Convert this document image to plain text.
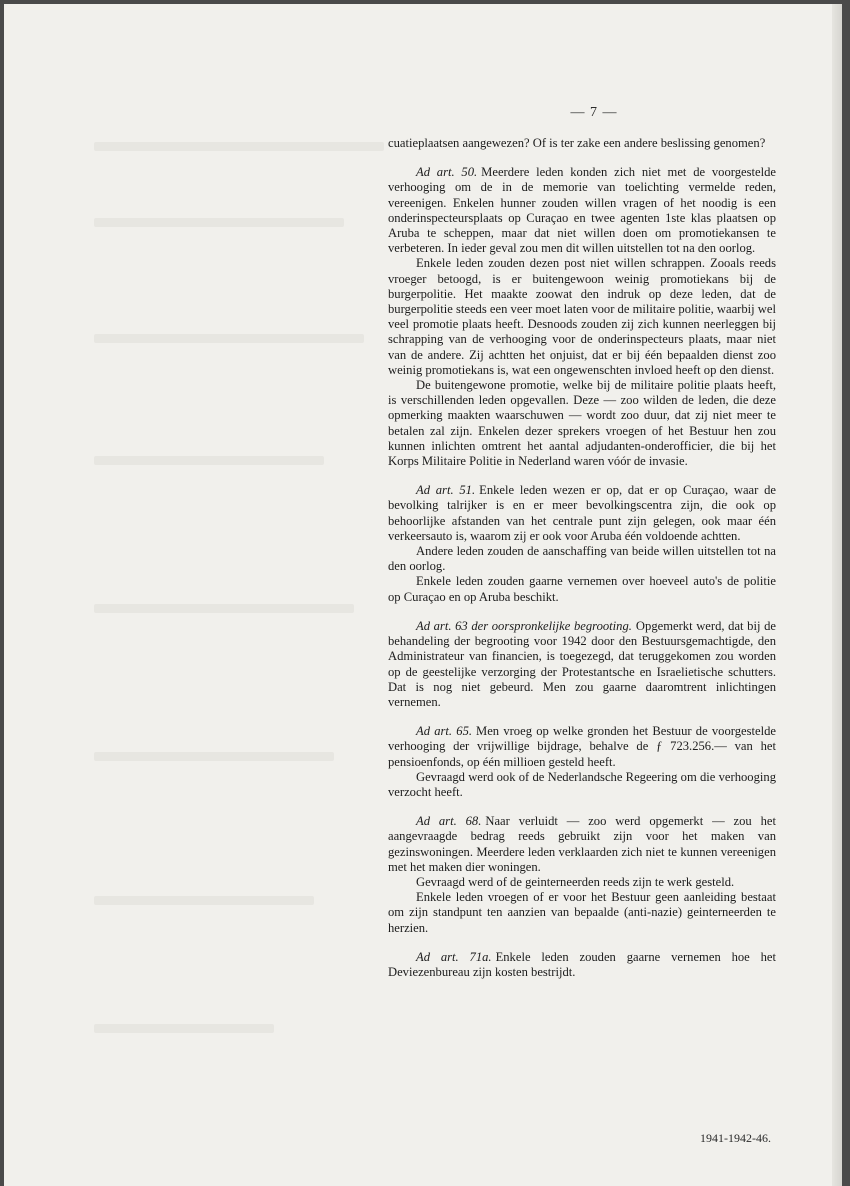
— 7 —

cuatieplaatsen aangewezen? Of is ter zake een andere beslissing genomen?

Ad art. 50. Meerdere leden konden zich niet met de voorgestelde verhooging om de in de memorie van toelichting vermelde reden, vereenigen. Enkelen hunner zouden willen vragen of het noodig is een onderinspecteursplaats op Curaçao en twee agenten 1ste klas plaatsen op Aruba te scheppen, maar dat niet willen doen om promotiekansen te verbeteren. In ieder geval zou men dit willen uitstellen tot na den oorlog.

Enkele leden zouden dezen post niet willen schrappen. Zooals reeds vroeger betoogd, is er buitengewoon weinig promotiekans bij de burgerpolitie. Het maakte zoowat den indruk op deze leden, dat de burgerpolitie steeds een veer moet laten voor de militaire politie, waarbij wel veel promotie plaats heeft. Desnoods zouden zij zich kunnen neerleggen bij schrapping van de verhooging voor de onderinspecteurs plaats, maar niet van de andere. Zij achtten het onjuist, dat er bij één bepaalden dienst zoo weinig promotiekans is, wat een ongewenschten invloed heeft op den dienst.

De buitengewone promotie, welke bij de militaire politie plaats heeft, is verschillenden leden opgevallen. Deze — zoo wilden de leden, die deze opmerking maakten waarschuwen — wordt zoo duur, dat zij niet meer te betalen zal zijn. Enkelen dezer sprekers vroegen of het Bestuur hen zou kunnen inlichten omtrent het aantal adjudanten-onderofficier, die bij het Korps Militaire Politie in Nederland waren vóór de invasie.

Ad art. 51. Enkele leden wezen er op, dat er op Curaçao, waar de bevolking talrijker is en er meer bevolkingscentra zijn, die ook op behoorlijke afstanden van het centrale punt zijn gelegen, ook maar één verkeersauto is, waarom zij er ook voor Aruba één voldoende achtten.

Andere leden zouden de aanschaffing van beide willen uitstellen tot na den oorlog.

Enkele leden zouden gaarne vernemen over hoeveel auto's de politie op Curaçao en op Aruba beschikt.

Ad art. 63 der oorspronkelijke begrooting. Opgemerkt werd, dat bij de behandeling der begrooting voor 1942 door den Bestuursgemachtigde, den Administrateur van financien, is toegezegd, dat teruggekomen zou worden op de geestelijke verzorging der Protestantsche en Israelietische schutters. Dat is nog niet gebeurd. Men zou gaarne daaromtrent inlichtingen vernemen.

Ad art. 65. Men vroeg op welke gronden het Bestuur de voorgestelde verhooging der vrijwillige bijdrage, behalve de ƒ 723.256.— van het pensioenfonds, op één millioen gesteld heeft.

Gevraagd werd ook of de Nederlandsche Regeering om die verhooging verzocht heeft.

Ad art. 68. Naar verluidt — zoo werd opgemerkt — zou het aangevraagde bedrag reeds gebruikt zijn voor het maken van gezinswoningen. Meerdere leden verklaarden zich niet te kunnen vereenigen met het maken dier woningen.

Gevraagd werd of de geinterneerden reeds zijn te werk gesteld.

Enkele leden vroegen of er voor het Bestuur geen aanleiding bestaat om zijn standpunt ten aanzien van bepaalde (anti-nazie) geinterneerden te herzien.

Ad art. 71a. Enkele leden zouden gaarne vernemen hoe het Deviezenbureau zijn kosten bestrijdt.

1941-1942-46.
